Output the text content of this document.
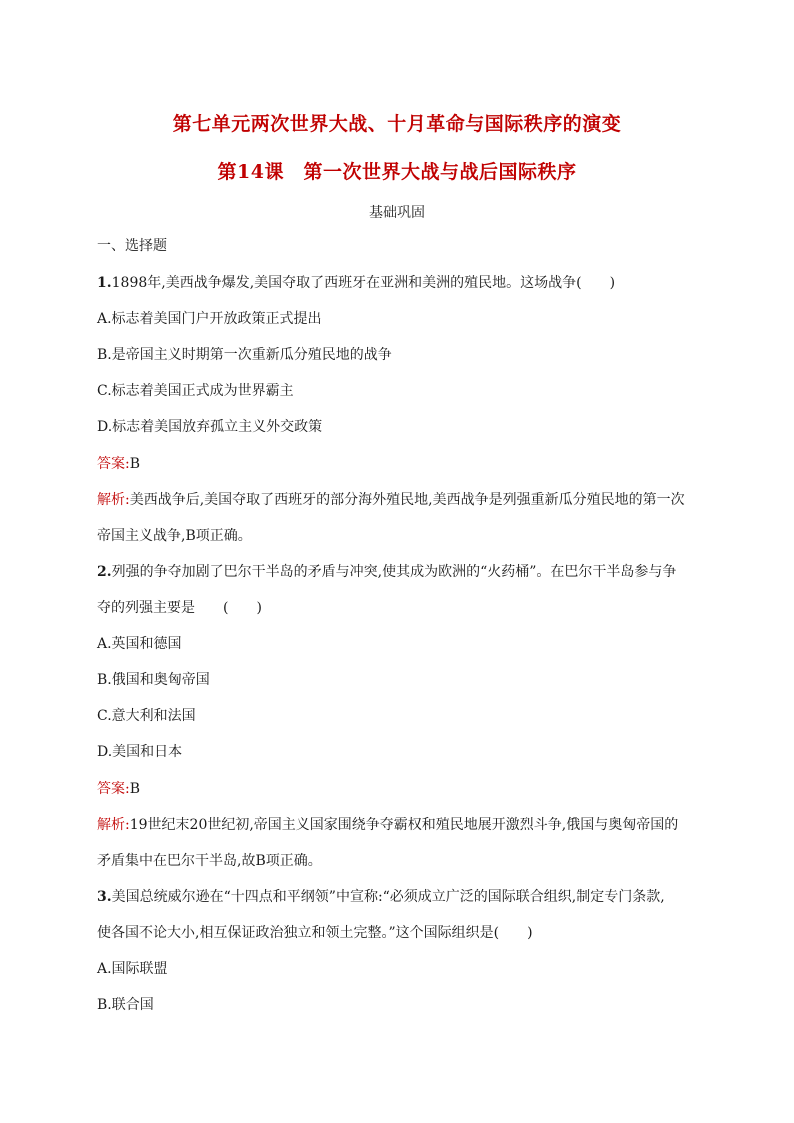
第七单元两次世界大战、十月革命与国际秩序的演变
第14课　第一次世界大战与战后国际秩序
基础巩固
一、选择题
1.1898年,美西战争爆发,美国夺取了西班牙在亚洲和美洲的殖民地。这场战争(　　)
A.标志着美国门户开放政策正式提出
B.是帝国主义时期第一次重新瓜分殖民地的战争
C.标志着美国正式成为世界霸主
D.标志着美国放弃孤立主义外交政策
答案:B
解析:美西战争后,美国夺取了西班牙的部分海外殖民地,美西战争是列强重新瓜分殖民地的第一次
帝国主义战争,B项正确。
2.列强的争夺加剧了巴尔干半岛的矛盾与冲突,使其成为欧洲的“火药桶”。在巴尔干半岛参与争
夺的列强主要是　　(　　)
A.英国和德国
B.俄国和奥匈帝国
C.意大利和法国
D.美国和日本
答案:B
解析:19世纪末20世纪初,帝国主义国家围绕争夺霸权和殖民地展开激烈斗争,俄国与奥匈帝国的
矛盾集中在巴尔干半岛,故B项正确。
3.美国总统威尔逊在“十四点和平纲领”中宣称:“必须成立广泛的国际联合组织,制定专门条款,
使各国不论大小,相互保证政治独立和领土完整。”这个国际组织是(　　)
A.国际联盟
B.联合国
